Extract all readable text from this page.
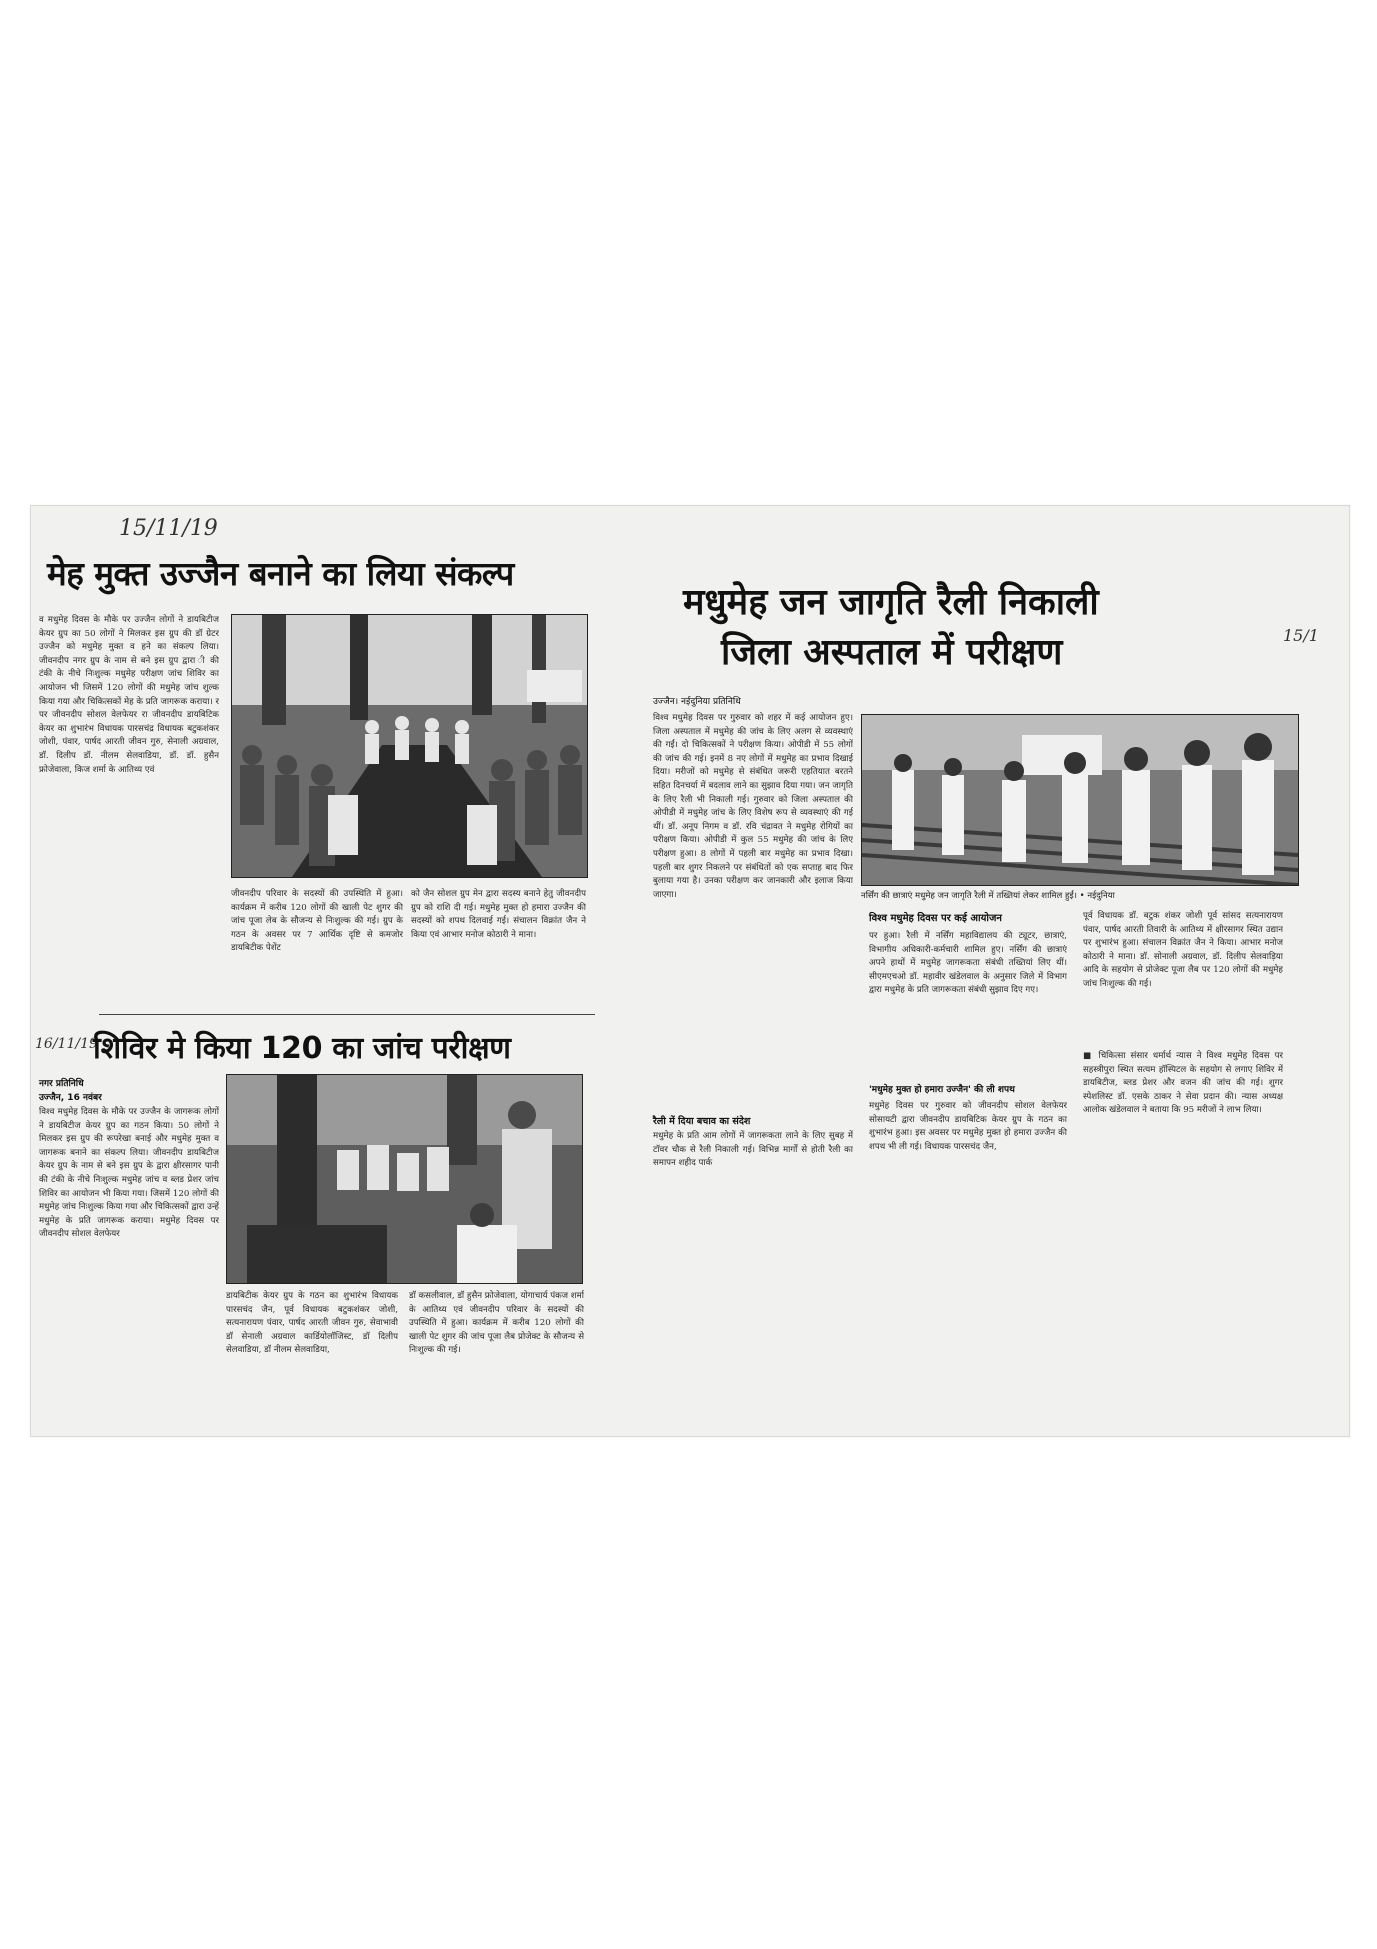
15/11/19
मेह मुक्त उज्जैन बनाने का लिया संकल्प

व मधुमेह दिवस के मौके पर उज्जैन लोगों ने डायबिटीज केयर ग्रुप का 50 लोगों ने मिलकर इस ग्रुप की डॉ ग्रेटर उज्जैन को मधुमेह मुक्त व हने का संकल्प लिया। जीवनदीप नगर ग्रुप के नाम से बने इस ग्रुप द्वारा ी की टंकी के नीचे निःशुल्क मधुमेह परीक्षण जांच शिविर का आयोजन भी जिसमें 120 लोगों की मधुमेह जांच शुल्क किया गया और चिकित्सकों मेह के प्रति जागरूक कराया। र पर जीवनदीप सोशल वेलफेयर रा जीवनदीप डायबिटिक केयर का शुभारंभ विधायक पारसचंद्र विधायक बटुकशंकर जोशी, पंवार, पार्षद आरती जीवन गुरु, सेनाली अग्रवाल, डॉ. दिलीप डॉ. नीलम सेलवाडिया, डॉ. डॉ. हुसैन फ्रोजेवाला, किज शर्मा के आतिथ्य एवं

जीवनदीप परिवार के सदस्यों की उपस्थिति में हुआ। कार्यक्रम में करीब 120 लोगों की खाली पेट शुगर की जांच पूजा लेब के सौजन्य से निःशुल्क की गई। ग्रुप के गठन के अवसर पर 7 आर्थिक दृष्टि से कमजोर डायबिटीक पेशेंट

को जैन सोशल ग्रुप मेन द्वारा सदस्य बनाने हेतु जीवनदीप ग्रुप को राशि दी गई। मधुमेह मुक्त हो हमारा उज्जैन की सदस्यों को शपथ दिलवाई गई। संचालन विक्रांत जैन ने किया एवं आभार मनोज कोठारी ने माना।

16/11/19
शिविर मे किया 120 का जांच परीक्षण

नगर प्रतिनिधि

उज्जैन, 16 नवंबर

विश्व मधुमेह दिवस के मौके पर उज्जैन के जागरूक लोगों ने डायबिटीज केयर ग्रुप का गठन किया। 50 लोगों ने मिलकर इस ग्रुप की रूपरेखा बनाई और मधुमेह मुक्त व जागरूक बनाने का संकल्प लिया। जीवनदीप डायबिटीज केयर ग्रुप के नाम से बने इस ग्रुप के द्वारा क्षीरसागर पानी की टंकी के नीचे निःशुल्क मधुमेह जांच व ब्लड प्रेशर जांच शिविर का आयोजन भी किया गया। जिसमें 120 लोगों की मधुमेह जांच निःशुल्क किया गया और चिकित्सकों द्वारा उन्हें मधुमेह के प्रति जागरूक कराया। मधुमेह दिवस पर जीवनदीप सोशल वेलफेयर

डायबिटीक केयर ग्रुप के गठन का शुभारंभ विधायक पारसचंद जैन, पूर्व विधायक बटुकशंकर जोशी, सत्यनारायण पंवार, पार्षद आरती जीवन गुरु, सेवाभावी डॉ सेनाली अग्रवाल कार्डियोलॉजिस्ट, डॉ दिलीप सेलवाडिया, डॉ नीलम सेलवाडिया,

डॉ कसलीवाल, डॉ हुसैन फ्रोजेवाला, योगाचार्य पंकज शर्मा के आतिथ्य एवं जीवनदीप परिवार के सदस्यों की उपस्थिति में हुआ। कार्यक्रम में करीब 120 लोगों की खाली पेट शुगर की जांच पूजा लैब प्रोजेक्ट के सौजन्य से निःशुल्क की गई।

मधुमेह जन जागृति रैली निकाली
जिला अस्पताल में परीक्षण	15/1

उज्जैन। नईदुनिया प्रतिनिधि

नर्सिंग की छात्राएं मधुमेह जन जागृति रैली में तख्तियां लेकर शामिल हुईं। • नईदुनिया

विश्व मधुमेह दिवस पर गुरुवार को शहर में कई आयोजन हुए। जिला अस्पताल में मधुमेह की जांच के लिए अलग से व्यवस्थाएं की गईं। दो चिकित्सकों ने परीक्षण किया। ओपीडी में 55 लोगों की जांच की गई। इनमें 8 नए लोगों में मधुमेह का प्रभाव दिखाई दिया। मरीजों को मधुमेह से संबंधित जरूरी एहतियात बरतने सहित दिनचर्या में बदलाव लाने का सुझाव दिया गया। जन जागृति के लिए रैली भी निकाली गई। गुरुवार को जिला अस्पताल की ओपीडी में मधुमेह जांच के लिए विशेष रूप से व्यवस्थाएं की गई थीं। डॉ. अनूप निगम व डॉ. रवि चंद्रावत ने मधुमेह रोगियों का परीक्षण किया। ओपीडी में कुल 55 मधुमेह की जांच के लिए परीक्षण हुआ। 8 लोगों में पहली बार मधुमेह का प्रभाव दिखा। पहली बार शुगर निकलने पर संबंधितों को एक सप्ताह बाद फिर बुलाया गया है। उनका परीक्षण कर जानकारी और इलाज किया जाएगा।

रैली में दिया बचाव का संदेश

मधुमेह के प्रति आम लोगों में जागरूकता लाने के लिए सुबह में टॉवर चौक से रैली निकाली गई। विभिन्न मार्गों से होती रैली का समापन शहीद पार्क

विश्व मधुमेह दिवस पर कई आयोजन

पर हुआ। रैली में नर्सिंग महाविद्यालय की ट्यूटर, छात्राएं, विभागीय अधिकारी-कर्मचारी शामिल हुए। नर्सिंग की छात्राएं अपने हाथों में मधुमेह जागरूकता संबंधी तख्तियां लिए थीं। सीएमएचओ डॉ. महावीर खंडेलवाल के अनुसार जिले में विभाग द्वारा मधुमेह के प्रति जागरूकता संबंधी सुझाव दिए गए।

'मधुमेह मुक्त हो हमारा उज्जैन' की ली शपथ

मधुमेह दिवस पर गुरुवार को जीवनदीप सोशल वेलफेयर सोसायटी द्वारा जीवनदीप डायबिटिक केयर ग्रुप के गठन का शुभारंभ हुआ। इस अवसर पर मधुमेह मुक्त हो हमारा उज्जैन की शपथ भी ली गई। विधायक पारसचंद जैन,

पूर्व विधायक डॉ. बटुक शंकर जोशी पूर्व सांसद सत्यनारायण पंवार, पार्षद आरती तिवारी के आतिथ्य में क्षीरसागर स्थित उद्यान पर शुभारंभ हुआ। संचालन विक्रांत जैन ने किया। आभार मनोज कोठारी ने माना। डॉ. सोनाली अग्रवाल, डॉ. दिलीप सेलवाड़िया आदि के सहयोग से प्रोजेक्ट पूजा लैब पर 120 लोगों की मधुमेह जांच निःशुल्क की गई।

■ चिकित्सा संसार धर्मार्थ न्यास ने विश्व मधुमेह दिवस पर सहस्त्रीपुरा स्थित सत्यम हॉस्पिटल के सहयोग से लगाए शिविर में डायबिटीज, ब्लड प्रेशर और वजन की जांच की गई। शुगर स्पेशलिस्ट डॉ. एसके ठाकर ने सेवा प्रदान की। न्यास अध्यक्ष आलोक खंडेलवाल ने बताया कि 95 मरीजों ने लाभ लिया।
